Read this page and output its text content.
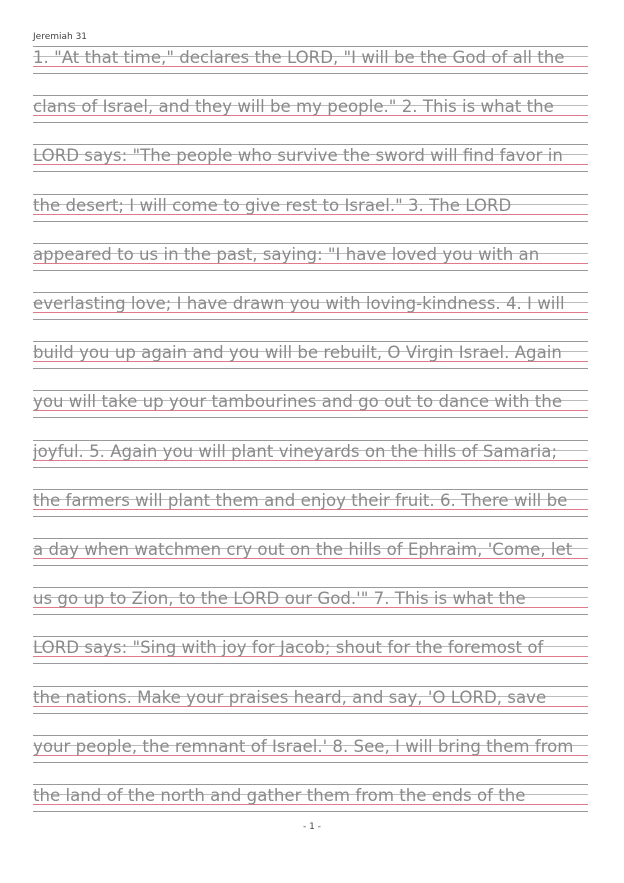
Jeremiah 31
1. "At that time," declares the LORD, "I will be the God of all the
clans of Israel, and they will be my people." 2. This is what the
LORD says: "The people who survive the sword will find favor in
the desert; I will come to give rest to Israel." 3. The LORD
appeared to us in the past, saying: "I have loved you with an
everlasting love; I have drawn you with loving-kindness. 4. I will
build you up again and you will be rebuilt, O Virgin Israel. Again
you will take up your tambourines and go out to dance with the
joyful. 5. Again you will plant vineyards on the hills of Samaria;
the farmers will plant them and enjoy their fruit. 6. There will be
a day when watchmen cry out on the hills of Ephraim, 'Come, let
us go up to Zion, to the LORD our God.'" 7. This is what the
LORD says: "Sing with joy for Jacob; shout for the foremost of
the nations. Make your praises heard, and say, 'O LORD, save
your people, the remnant of Israel.' 8. See, I will bring them from
the land of the north and gather them from the ends of the
- 1 -
